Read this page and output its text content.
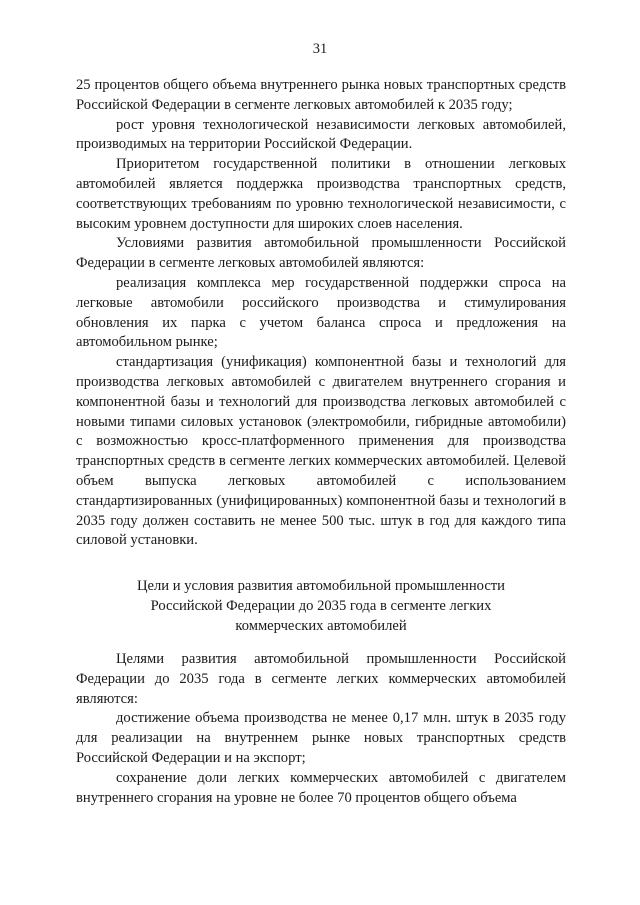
31

25 процентов общего объема внутреннего рынка новых транспортных средств Российской Федерации в сегменте легковых автомобилей к 2035 году;

рост уровня технологической независимости легковых автомобилей, производимых на территории Российской Федерации.

Приоритетом государственной политики в отношении легковых автомобилей является поддержка производства транспортных средств, соответствующих требованиям по уровню технологической независимости, с высоким уровнем доступности для широких слоев населения.

Условиями развития автомобильной промышленности Российской Федерации в сегменте легковых автомобилей являются:

реализация комплекса мер государственной поддержки спроса на легковые автомобили российского производства и стимулирования обновления их парка с учетом баланса спроса и предложения на автомобильном рынке;

стандартизация (унификация) компонентной базы и технологий для производства легковых автомобилей с двигателем внутреннего сгорания и компонентной базы и технологий для производства легковых автомобилей с новыми типами силовых установок (электромобили, гибридные автомобили) с возможностью кросс-платформенного применения для производства транспортных средств в сегменте легких коммерческих автомобилей. Целевой объем выпуска легковых автомобилей с использованием стандартизированных (унифицированных) компонентной базы и технологий в 2035 году должен составить не менее 500 тыс. штук в год для каждого типа силовой установки.

Цели и условия развития автомобильной промышленности
Российской Федерации до 2035 года в сегменте легких
коммерческих автомобилей

Целями развития автомобильной промышленности Российской Федерации до 2035 года в сегменте легких коммерческих автомобилей являются:

достижение объема производства не менее 0,17 млн. штук в 2035 году для реализации на внутреннем рынке новых транспортных средств Российской Федерации и на экспорт;

сохранение доли легких коммерческих автомобилей с двигателем внутреннего сгорания на уровне не более 70 процентов общего объема
